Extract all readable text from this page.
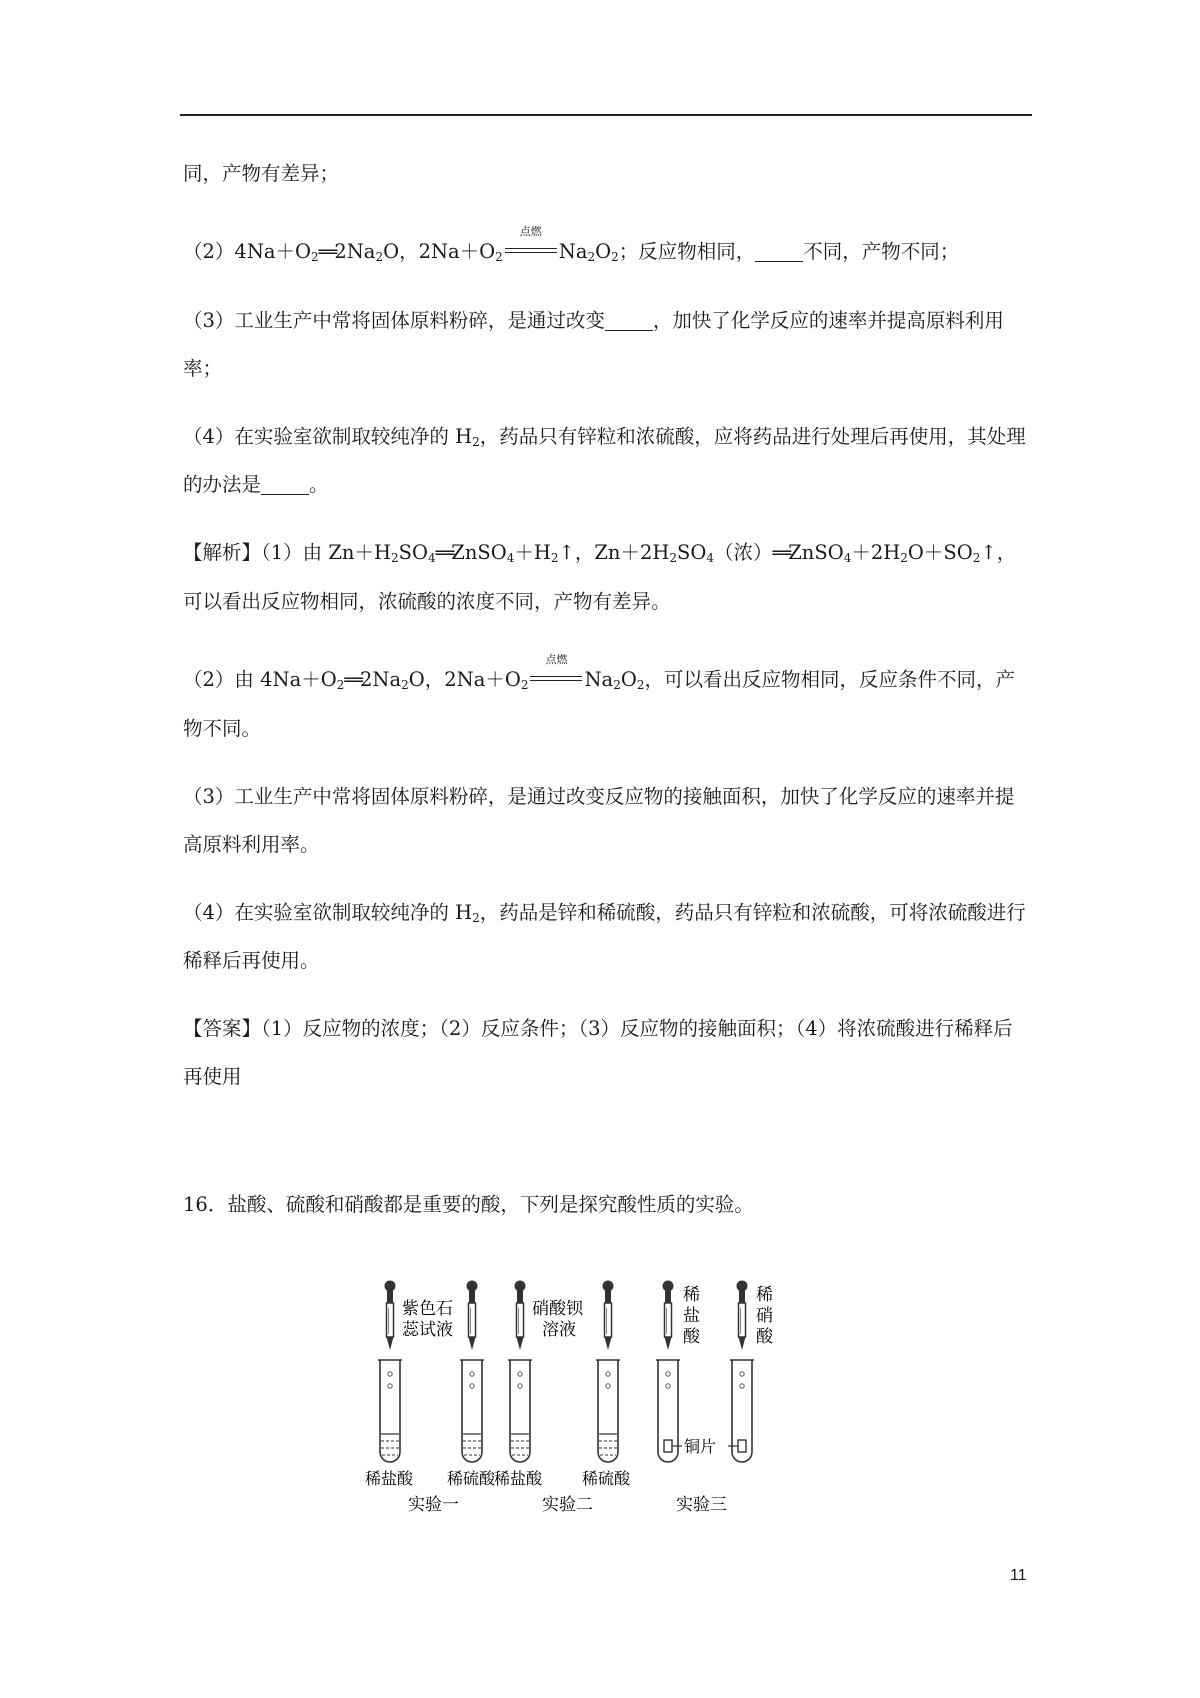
同，产物有差异；

$(2)4Na+O_2══2Na_2O$，$2Na+O_2$
点燃
$Na_2O_2$；反应物相同， 不同，产物不同；

（3）工业生产中常将固体原料粉碎，是通过改变 ，加快了化学反应的速率并提高原料利用率；

（4）在实验室欲制取较纯净的 $H_2$，药品只有锌粒和浓硫酸，应将药品进行处理后再使用，其处理的办法是 。

【解析】（1）由 $Zn+H_2SO_4══ZnSO_4+H_2↑$，$Zn+2H_2SO_4$（浓）$══ZnSO_4+2H_2O+SO_2↑$，可以看出反应物相同，浓硫酸的浓度不同，产物有差异。

（2）由 $4Na+O_2══2Na_2O$，$2Na+O_2$
点燃
$Na_2O_2$，可以看出反应物相同，反应条件不同，产物不同。

（3）工业生产中常将固体原料粉碎，是通过改变反应物的接触面积，加快了化学反应的速率并提高原料利用率。

（4）在实验室欲制取较纯净的 $H_2$，药品是锌和稀硫酸，药品只有锌粒和浓硫酸，可将浓硫酸进行稀释后再使用。

【答案】（1）反应物的浓度；（2）反应条件；（3）反应物的接触面积；（4）将浓硫酸进行稀释后再使用

16．盐酸、硫酸和硝酸都是重要的酸，下列是探究酸性质的实验。

紫色石
蕊试液
稀盐酸 稀硫酸
实验一
硝酸钡
溶液
稀盐酸 稀硫酸
实验二
稀
盐
酸
稀
硝
酸
铜片
实验三
11
